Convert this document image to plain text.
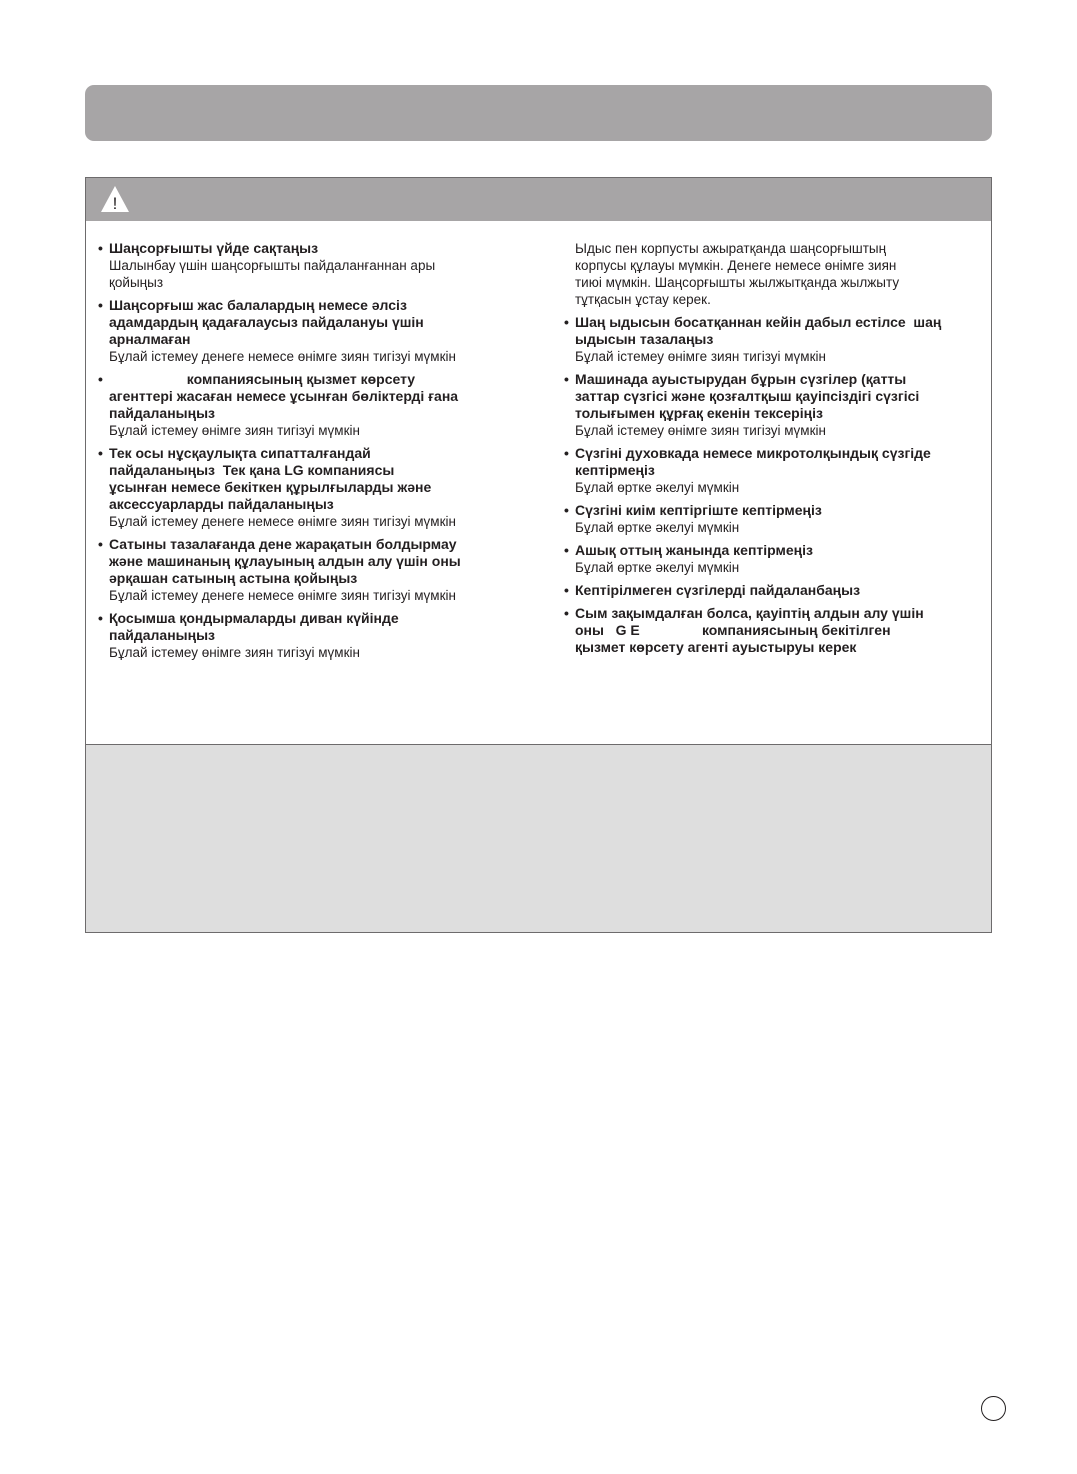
!
• Шаңсорғышты үйде сақтаңыз
Шалынбау үшін шаңсорғышты пайдаланғаннан ары
қойыңыз
• Шаңсорғыш жас балалардың немесе әлсіз
адамдардың қадағалаусыз пайдалануы үшін
арналмаған
Бұлай істемеу денеге немесе өнімге зиян тигізуі мүмкін
•	компаниясының қызмет көрсету
агенттері жасаған немесе ұсынған бөліктерді ғана
пайдаланыңыз
Бұлай істемеу өнімге зиян тигізуі мүмкін
• Тек осы нұсқаулықта сипатталғандай
пайдаланыңыз  Тек қана LG компаниясы
ұсынған немесе бекіткен құрылғыларды және
аксессуарларды пайдаланыңыз
Бұлай істемеу денеге немесе өнімге зиян тигізуі мүмкін
• Сатыны тазалағанда дене жарақатын болдырмау
және машинаның құлауының алдын алу үшін оны
әрқашан сатының астына қойыңыз
Бұлай істемеу денеге немесе өнімге зиян тигізуі мүмкін
• Қосымша қондырмаларды диван күйінде
пайдаланыңыз
Бұлай істемеу өнімге зиян тигізуі мүмкін
Ыдыс пен корпусты ажыратқанда шаңсорғыштың
корпусы құлауы мүмкін. Денеге немесе өнімге зиян
тиюі мүмкін. Шаңсорғышты жылжытқанда жылжыту
тұтқасын ұстау керек.
• Шаң ыдысын босатқаннан кейін дабыл естілсе  шаң
ыдысын тазалаңыз
Бұлай істемеу өнімге зиян тигізуі мүмкін
• Машинада ауыстырудан бұрын сүзгілер (қатты
заттар сүзгісі және қозғалтқыш қауіпсіздігі сүзгісі
толығымен құрғақ екенін тексеріңіз
Бұлай істемеу өнімге зиян тигізуі мүмкін
• Сүзгіні духовкада немесе микротолқындық сүзгіде
кептірмеңіз
Бұлай өртке әкелуі мүмкін
• Сүзгіні киім кептіргіште кептірмеңіз
Бұлай өртке әкелуі мүмкін
• Ашық оттың жанында кептірмеңіз
Бұлай өртке әкелуі мүмкін
• Кептірілмеген сүзгілерді пайдаланбаңыз
• Сым зақымдалған болса, қауіптің алдын алу үшін
оны   G E                компаниясының бекітілген
қызмет көрсету агенті ауыстыруы керек
